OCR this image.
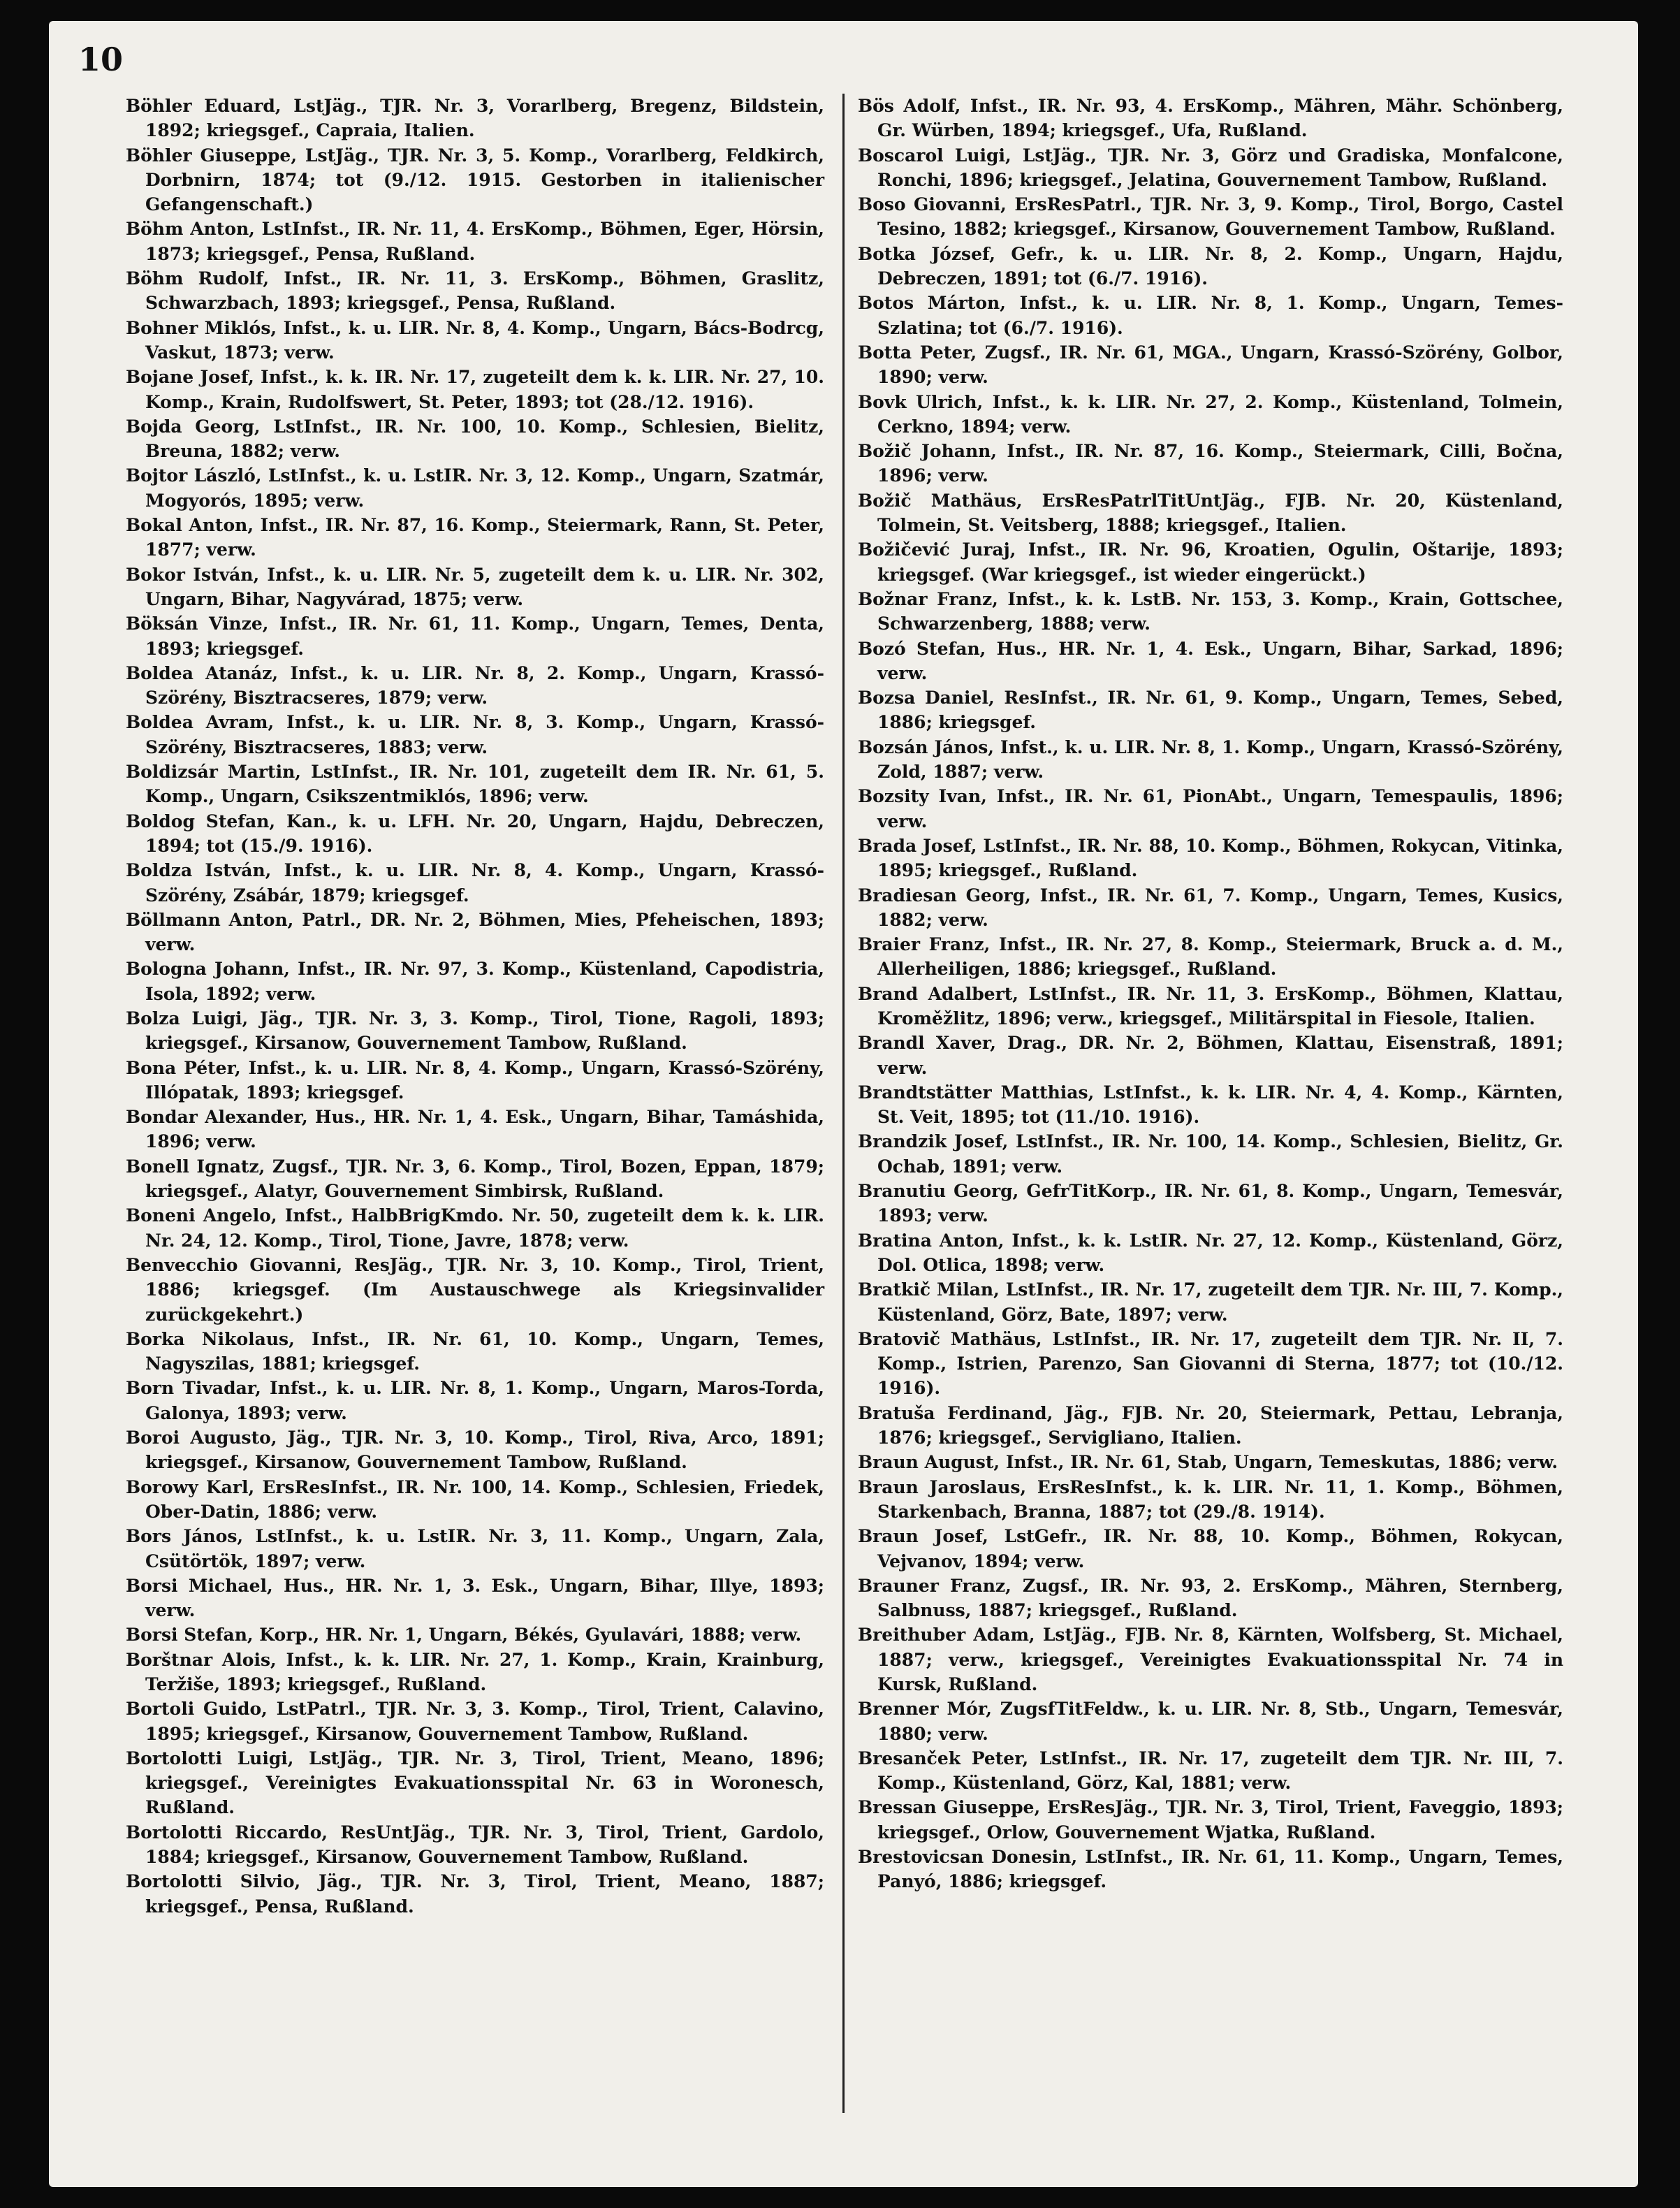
10

Böhler Eduard, LstJäg., TJR. Nr. 3, Vorarlberg, Bregenz, Bildstein, 1892; kriegsgef., Capraia, Italien.

Böhler Giuseppe, LstJäg., TJR. Nr. 3, 5. Komp., Vorarlberg, Feldkirch, Dorbnirn, 1874; tot (9./12. 1915. Gestorben in italienischer Gefangenschaft.)

Böhm Anton, LstInfst., IR. Nr. 11, 4. ErsKomp., Böhmen, Eger, Hörsin, 1873; kriegsgef., Pensa, Rußland.

Böhm Rudolf, Infst., IR. Nr. 11, 3. ErsKomp., Böhmen, Graslitz, Schwarzbach, 1893; kriegsgef., Pensa, Rußland.

Bohner Miklós, Infst., k. u. LIR. Nr. 8, 4. Komp., Ungarn, Bács-Bodrcg, Vaskut, 1873; verw.

Bojane Josef, Infst., k. k. IR. Nr. 17, zugeteilt dem k. k. LIR. Nr. 27, 10. Komp., Krain, Rudolfswert, St. Peter, 1893; tot (28./12. 1916).

Bojda Georg, LstInfst., IR. Nr. 100, 10. Komp., Schlesien, Bielitz, Breuna, 1882; verw.

Bojtor László, LstInfst., k. u. LstIR. Nr. 3, 12. Komp., Ungarn, Szatmár, Mogyorós, 1895; verw.

Bokal Anton, Infst., IR. Nr. 87, 16. Komp., Steiermark, Rann, St. Peter, 1877; verw.

Bokor István, Infst., k. u. LIR. Nr. 5, zugeteilt dem k. u. LIR. Nr. 302, Ungarn, Bihar, Nagyvárad, 1875; verw.

Böksán Vinze, Infst., IR. Nr. 61, 11. Komp., Ungarn, Temes, Denta, 1893; kriegsgef.

Boldea Atanáz, Infst., k. u. LIR. Nr. 8, 2. Komp., Ungarn, Krassó-Szörény, Bisztracseres, 1879; verw.

Boldea Avram, Infst., k. u. LIR. Nr. 8, 3. Komp., Ungarn, Krassó-Szörény, Bisztracseres, 1883; verw.

Boldizsár Martin, LstInfst., IR. Nr. 101, zugeteilt dem IR. Nr. 61, 5. Komp., Ungarn, Csikszentmiklós, 1896; verw.

Boldog Stefan, Kan., k. u. LFH. Nr. 20, Ungarn, Hajdu, Debreczen, 1894; tot (15./9. 1916).

Boldza István, Infst., k. u. LIR. Nr. 8, 4. Komp., Ungarn, Krassó-Szörény, Zsábár, 1879; kriegsgef.

Böllmann Anton, Patrl., DR. Nr. 2, Böhmen, Mies, Pfeheischen, 1893; verw.

Bologna Johann, Infst., IR. Nr. 97, 3. Komp., Küstenland, Capodistria, Isola, 1892; verw.

Bolza Luigi, Jäg., TJR. Nr. 3, 3. Komp., Tirol, Tione, Ragoli, 1893; kriegsgef., Kirsanow, Gouvernement Tambow, Rußland.

Bona Péter, Infst., k. u. LIR. Nr. 8, 4. Komp., Ungarn, Krassó-Szörény, Illópatak, 1893; kriegsgef.

Bondar Alexander, Hus., HR. Nr. 1, 4. Esk., Ungarn, Bihar, Tamáshida, 1896; verw.

Bonell Ignatz, Zugsf., TJR. Nr. 3, 6. Komp., Tirol, Bozen, Eppan, 1879; kriegsgef., Alatyr, Gouvernement Simbirsk, Rußland.

Boneni Angelo, Infst., HalbBrigKmdo. Nr. 50, zugeteilt dem k. k. LIR. Nr. 24, 12. Komp., Tirol, Tione, Javre, 1878; verw.

Benvecchio Giovanni, ResJäg., TJR. Nr. 3, 10. Komp., Tirol, Trient, 1886; kriegsgef. (Im Austauschwege als Kriegsinvalider zurückgekehrt.)

Borka Nikolaus, Infst., IR. Nr. 61, 10. Komp., Ungarn, Temes, Nagyszilas, 1881; kriegsgef.

Born Tivadar, Infst., k. u. LIR. Nr. 8, 1. Komp., Ungarn, Maros-Torda, Galonya, 1893; verw.

Boroi Augusto, Jäg., TJR. Nr. 3, 10. Komp., Tirol, Riva, Arco, 1891; kriegsgef., Kirsanow, Gouvernement Tambow, Rußland.

Borowy Karl, ErsResInfst., IR. Nr. 100, 14. Komp., Schlesien, Friedek, Ober-Datin, 1886; verw.

Bors János, LstInfst., k. u. LstIR. Nr. 3, 11. Komp., Ungarn, Zala, Csütörtök, 1897; verw.

Borsi Michael, Hus., HR. Nr. 1, 3. Esk., Ungarn, Bihar, Illye, 1893; verw.

Borsi Stefan, Korp., HR. Nr. 1, Ungarn, Békés, Gyulavári, 1888; verw.

Borštnar Alois, Infst., k. k. LIR. Nr. 27, 1. Komp., Krain, Krainburg, Teržiše, 1893; kriegsgef., Rußland.

Bortoli Guido, LstPatrl., TJR. Nr. 3, 3. Komp., Tirol, Trient, Calavino, 1895; kriegsgef., Kirsanow, Gouvernement Tambow, Rußland.

Bortolotti Luigi, LstJäg., TJR. Nr. 3, Tirol, Trient, Meano, 1896; kriegsgef., Vereinigtes Evakuationsspital Nr. 63 in Woronesch, Rußland.

Bortolotti Riccardo, ResUntJäg., TJR. Nr. 3, Tirol, Trient, Gardolo, 1884; kriegsgef., Kirsanow, Gouvernement Tambow, Rußland.

Bortolotti Silvio, Jäg., TJR. Nr. 3, Tirol, Trient, Meano, 1887; kriegsgef., Pensa, Rußland.

Bös Adolf, Infst., IR. Nr. 93, 4. ErsKomp., Mähren, Mähr. Schönberg, Gr. Würben, 1894; kriegsgef., Ufa, Rußland.

Boscarol Luigi, LstJäg., TJR. Nr. 3, Görz und Gradiska, Monfalcone, Ronchi, 1896; kriegsgef., Jelatina, Gouvernement Tambow, Rußland.

Boso Giovanni, ErsResPatrl., TJR. Nr. 3, 9. Komp., Tirol, Borgo, Castel Tesino, 1882; kriegsgef., Kirsanow, Gouvernement Tambow, Rußland.

Botka József, Gefr., k. u. LIR. Nr. 8, 2. Komp., Ungarn, Hajdu, Debreczen, 1891; tot (6./7. 1916).

Botos Márton, Infst., k. u. LIR. Nr. 8, 1. Komp., Ungarn, Temes-Szlatina; tot (6./7. 1916).

Botta Peter, Zugsf., IR. Nr. 61, MGA., Ungarn, Krassó-Szörény, Golbor, 1890; verw.

Bovk Ulrich, Infst., k. k. LIR. Nr. 27, 2. Komp., Küstenland, Tolmein, Cerkno, 1894; verw.

Božič Johann, Infst., IR. Nr. 87, 16. Komp., Steiermark, Cilli, Bočna, 1896; verw.

Božič Mathäus, ErsResPatrlTitUntJäg., FJB. Nr. 20, Küstenland, Tolmein, St. Veitsberg, 1888; kriegsgef., Italien.

Božičević Juraj, Infst., IR. Nr. 96, Kroatien, Ogulin, Oštarije, 1893; kriegsgef. (War kriegsgef., ist wieder eingerückt.)

Božnar Franz, Infst., k. k. LstB. Nr. 153, 3. Komp., Krain, Gottschee, Schwarzenberg, 1888; verw.

Bozó Stefan, Hus., HR. Nr. 1, 4. Esk., Ungarn, Bihar, Sarkad, 1896; verw.

Bozsa Daniel, ResInfst., IR. Nr. 61, 9. Komp., Ungarn, Temes, Sebed, 1886; kriegsgef.

Bozsán János, Infst., k. u. LIR. Nr. 8, 1. Komp., Ungarn, Krassó-Szörény, Zold, 1887; verw.

Bozsity Ivan, Infst., IR. Nr. 61, PionAbt., Ungarn, Temespaulis, 1896; verw.

Brada Josef, LstInfst., IR. Nr. 88, 10. Komp., Böhmen, Rokycan, Vitinka, 1895; kriegsgef., Rußland.

Bradiesan Georg, Infst., IR. Nr. 61, 7. Komp., Ungarn, Temes, Kusics, 1882; verw.

Braier Franz, Infst., IR. Nr. 27, 8. Komp., Steiermark, Bruck a. d. M., Allerheiligen, 1886; kriegsgef., Rußland.

Brand Adalbert, LstInfst., IR. Nr. 11, 3. ErsKomp., Böhmen, Klattau, Kroměžlitz, 1896; verw., kriegsgef., Militärspital in Fiesole, Italien.

Brandl Xaver, Drag., DR. Nr. 2, Böhmen, Klattau, Eisenstraß, 1891; verw.

Brandtstätter Matthias, LstInfst., k. k. LIR. Nr. 4, 4. Komp., Kärnten, St. Veit, 1895; tot (11./10. 1916).

Brandzik Josef, LstInfst., IR. Nr. 100, 14. Komp., Schlesien, Bielitz, Gr. Ochab, 1891; verw.

Branutiu Georg, GefrTitKorp., IR. Nr. 61, 8. Komp., Ungarn, Temesvár, 1893; verw.

Bratina Anton, Infst., k. k. LstIR. Nr. 27, 12. Komp., Küstenland, Görz, Dol. Otlica, 1898; verw.

Bratkič Milan, LstInfst., IR. Nr. 17, zugeteilt dem TJR. Nr. III, 7. Komp., Küstenland, Görz, Bate, 1897; verw.

Bratovič Mathäus, LstInfst., IR. Nr. 17, zugeteilt dem TJR. Nr. II, 7. Komp., Istrien, Parenzo, San Giovanni di Sterna, 1877; tot (10./12. 1916).

Bratuša Ferdinand, Jäg., FJB. Nr. 20, Steiermark, Pettau, Lebranja, 1876; kriegsgef., Servigliano, Italien.

Braun August, Infst., IR. Nr. 61, Stab, Ungarn, Temeskutas, 1886; verw.

Braun Jaroslaus, ErsResInfst., k. k. LIR. Nr. 11, 1. Komp., Böhmen, Starkenbach, Branna, 1887; tot (29./8. 1914).

Braun Josef, LstGefr., IR. Nr. 88, 10. Komp., Böhmen, Rokycan, Vejvanov, 1894; verw.

Brauner Franz, Zugsf., IR. Nr. 93, 2. ErsKomp., Mähren, Sternberg, Salbnuss, 1887; kriegsgef., Rußland.

Breithuber Adam, LstJäg., FJB. Nr. 8, Kärnten, Wolfsberg, St. Michael, 1887; verw., kriegsgef., Vereinigtes Evakuationsspital Nr. 74 in Kursk, Rußland.

Brenner Mór, ZugsfTitFeldw., k. u. LIR. Nr. 8, Stb., Ungarn, Temesvár, 1880; verw.

Bresanček Peter, LstInfst., IR. Nr. 17, zugeteilt dem TJR. Nr. III, 7. Komp., Küstenland, Görz, Kal, 1881; verw.

Bressan Giuseppe, ErsResJäg., TJR. Nr. 3, Tirol, Trient, Faveggio, 1893; kriegsgef., Orlow, Gouvernement Wjatka, Rußland.

Brestovicsan Donesin, LstInfst., IR. Nr. 61, 11. Komp., Ungarn, Temes, Panyó, 1886; kriegsgef.
